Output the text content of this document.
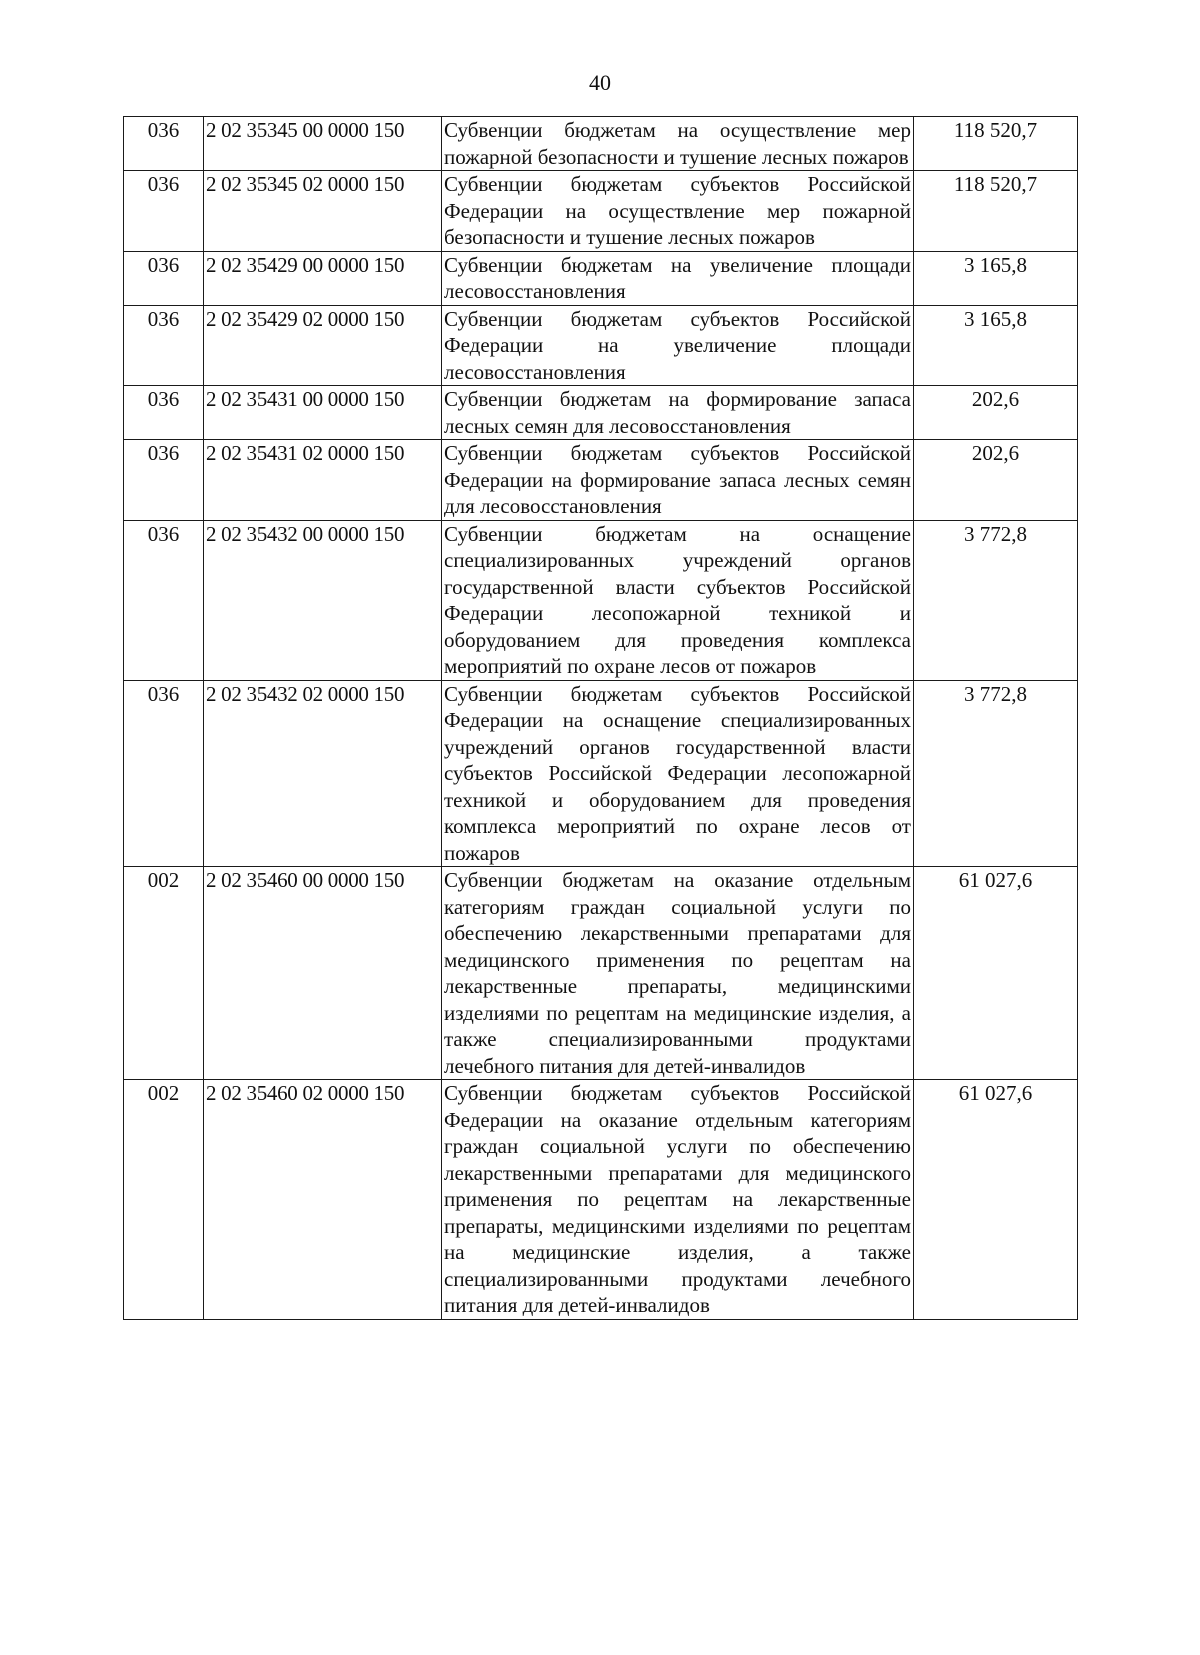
40
036	2 02 35345 00 0000 150	Субвенции бюджетам на осуществление мер пожарной безопасности и тушение лесных пожаров	118 520,7
036	2 02 35345 02 0000 150	Субвенции бюджетам субъектов Российской Федерации на осуществление мер пожарной безопасности и тушение лесных пожаров	118 520,7
036	2 02 35429 00 0000 150	Субвенции бюджетам на увеличение площади лесовосстановления	3 165,8
036	2 02 35429 02 0000 150	Субвенции бюджетам субъектов Российской Федерации на увеличение площади лесовосстановления	3 165,8
036	2 02 35431 00 0000 150	Субвенции бюджетам на формирование запаса лесных семян для лесовосстановления	202,6
036	2 02 35431 02 0000 150	Субвенции бюджетам субъектов Российской Федерации на формирование запаса лесных семян для лесовосстановления	202,6
036	2 02 35432 00 0000 150	Субвенции бюджетам на оснащение специализированных учреждений органов государственной власти субъектов Российской Федерации лесопожарной техникой и оборудованием для проведения комплекса мероприятий по охране лесов от пожаров	3 772,8
036	2 02 35432 02 0000 150	Субвенции бюджетам субъектов Российской Федерации на оснащение специализированных учреждений органов государственной власти субъектов Российской Федерации лесопожарной техникой и оборудованием для проведения комплекса мероприятий по охране лесов от пожаров	3 772,8
002	2 02 35460 00 0000 150	Субвенции бюджетам на оказание отдельным категориям граждан социальной услуги по обеспечению лекарственными препаратами для медицинского применения по рецептам на лекарственные препараты, медицинскими изделиями по рецептам на медицинские изделия, а также специализированными продуктами лечебного питания для детей-инвалидов	61 027,6
002	2 02 35460 02 0000 150	Субвенции бюджетам субъектов Российской Федерации на оказание отдельным категориям граждан социальной услуги по обеспечению лекарственными препаратами для медицинского применения по рецептам на лекарственные препараты, медицинскими изделиями по рецептам на медицинские изделия, а также специализированными продуктами лечебного питания для детей-инвалидов	61 027,6
